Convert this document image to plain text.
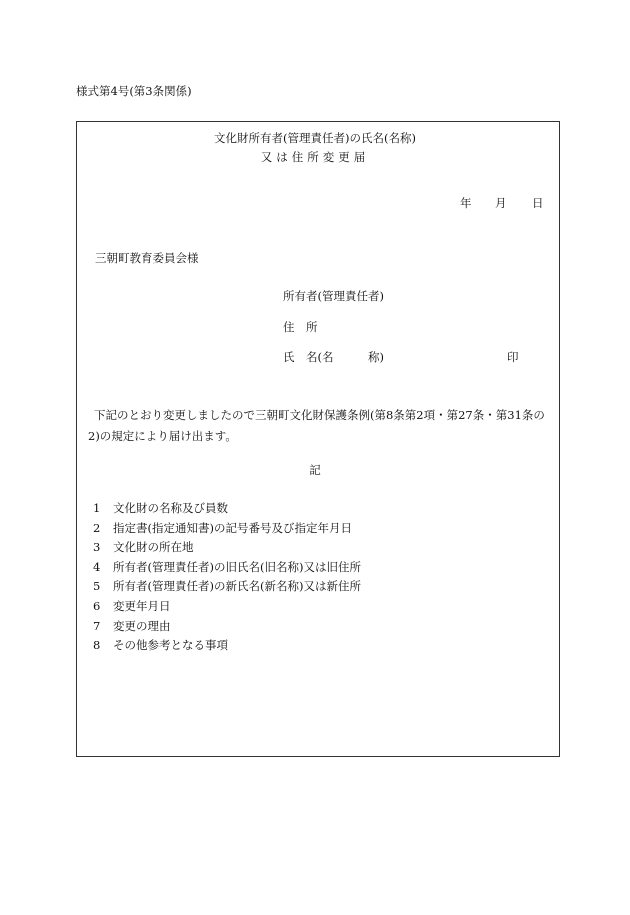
様式第4号(第3条関係)
文化財所有者(管理責任者)の氏名(名称)
又は住所変更届
年 月 日
三朝町教育委員会様
所有者(管理責任者)
住　所
氏　名(名　　　称)	印
下記のとおり変更しましたので三朝町文化財保護条例(第8条第2項・第27条・第31条の2)の規定により届け出ます。
記
1 文化財の名称及び員数
2 指定書(指定通知書)の記号番号及び指定年月日
3 文化財の所在地
4 所有者(管理責任者)の旧氏名(旧名称)又は旧住所
5 所有者(管理責任者)の新氏名(新名称)又は新住所
6 変更年月日
7 変更の理由
8 その他参考となる事項
